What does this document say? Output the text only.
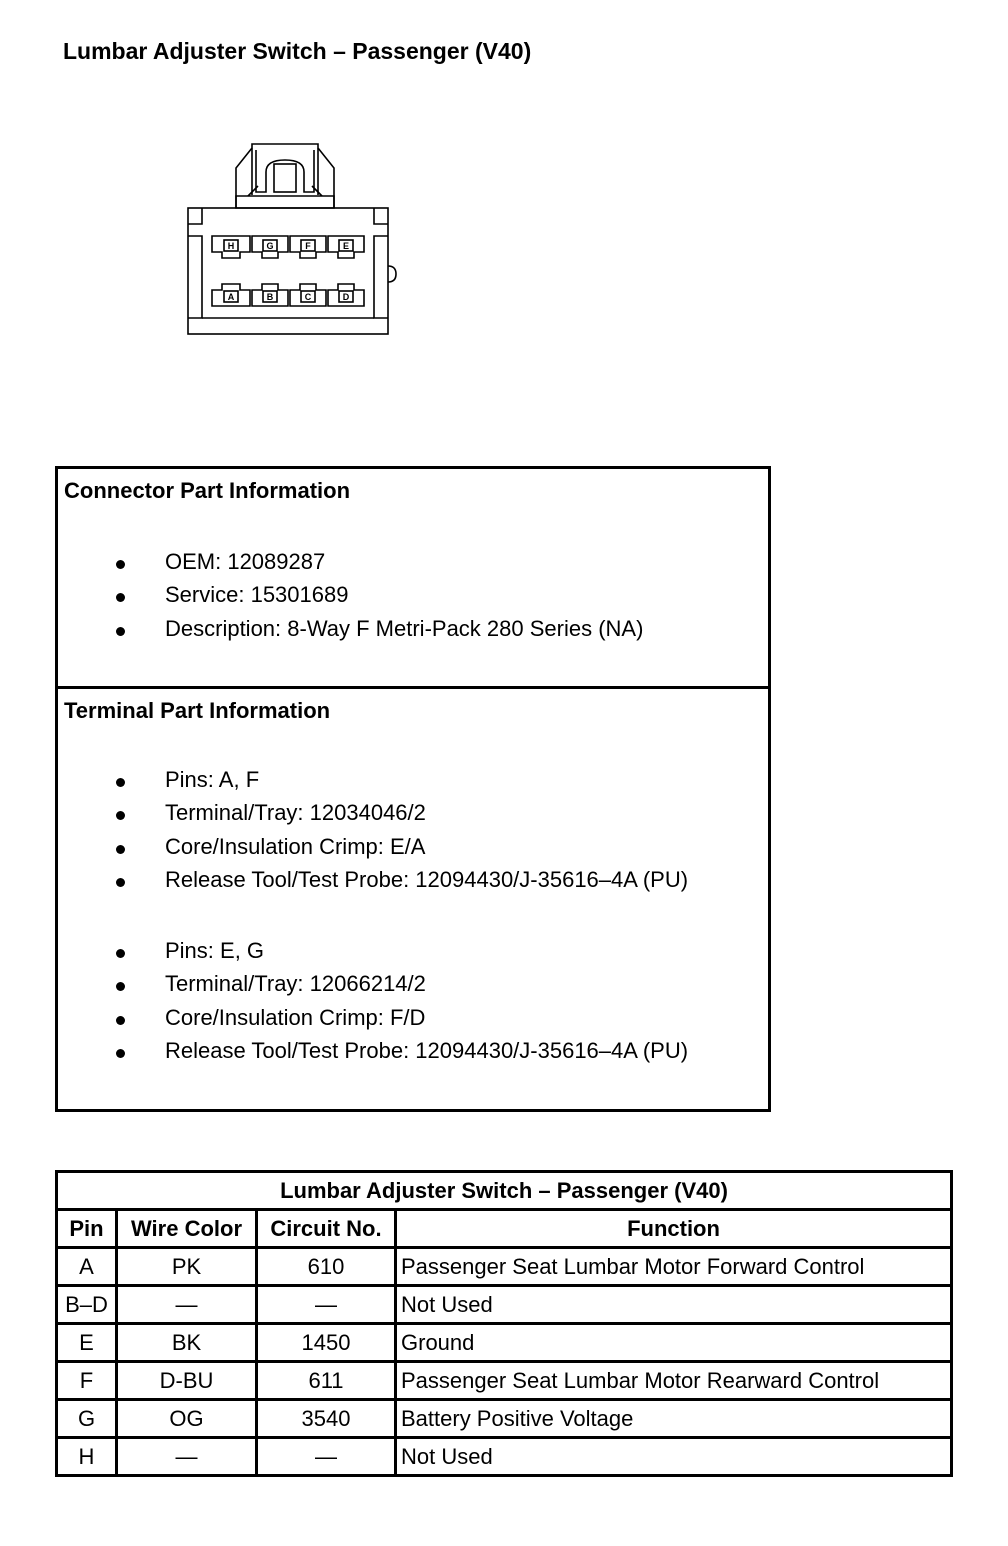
Lumbar Adjuster Switch – Passenger (V40)
H	G	F	E
A	B	C	D
Connector Part Information
OEM: 12089287
Service: 15301689
Description: 8-Way F Metri-Pack 280 Series (NA)
Terminal Part Information
Pins: A, F
Terminal/Tray: 12034046/2
Core/Insulation Crimp: E/A
Release Tool/Test Probe: 12094430/J-35616–4A (PU)
Pins: E, G
Terminal/Tray: 12066214/2
Core/Insulation Crimp: F/D
Release Tool/Test Probe: 12094430/J-35616–4A (PU)
Lumbar Adjuster Switch – Passenger (V40)			
Pin	Wire Color	Circuit No.	Function
A	PK	610	Passenger Seat Lumbar Motor Forward Control
B–D	—	—	Not Used
E	BK	1450	Ground
F	D-BU	611	Passenger Seat Lumbar Motor Rearward Control
G	OG	3540	Battery Positive Voltage
H	—	—	Not Used
